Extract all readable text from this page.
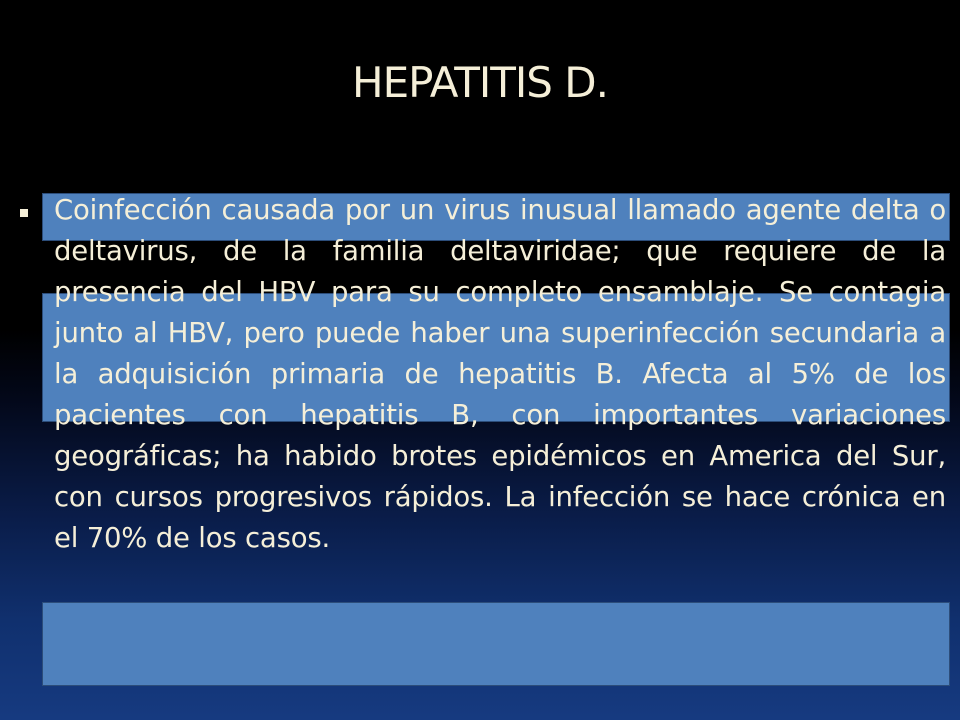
HEPATITIS D.

Coinfección causada por un virus inusual llamado agente delta o deltavirus, de la familia deltaviridae; que requiere de la presencia del HBV para su completo ensamblaje. Se contagia junto al HBV, pero puede haber una superinfección secundaria a la adquisición primaria de hepatitis B. Afecta al 5% de los pacientes con hepatitis B, con importantes variaciones geográficas; ha habido brotes epidémicos en America del Sur, con cursos progresivos rápidos. La infección se hace crónica en el 70% de los casos.
